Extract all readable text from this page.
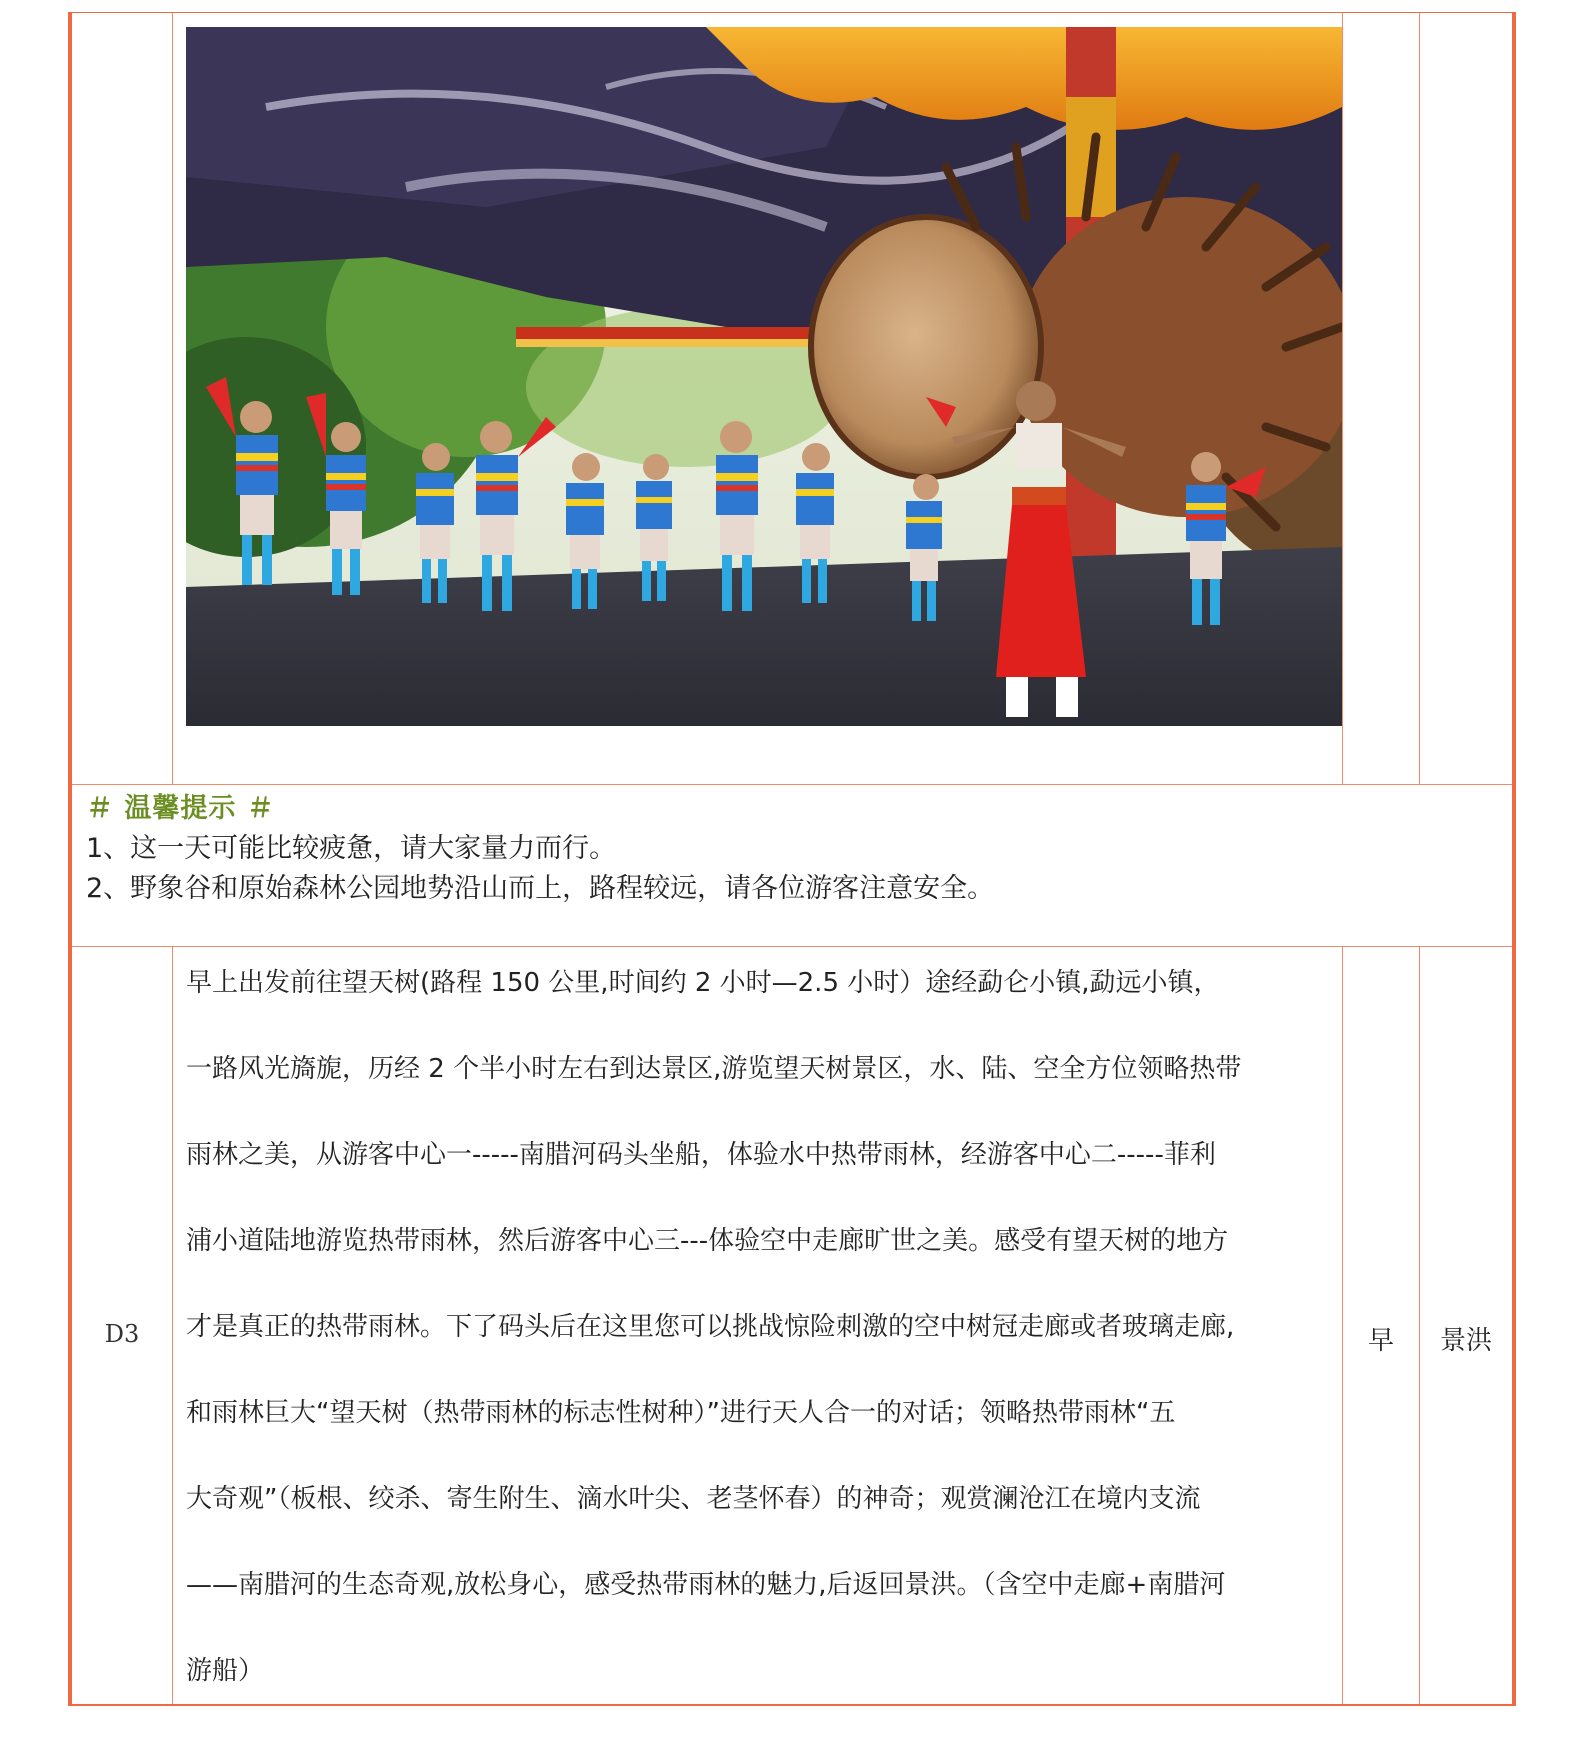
＃ 温馨提示 ＃
1、这一天可能比较疲惫，请大家量力而行。
2、野象谷和原始森林公园地势沿山而上，路程较远，请各位游客注意安全。
D3
早上出发前往望天树(路程 150 公里,时间约 2 小时—2.5 小时）途经勐仑小镇,勐远小镇，
一路风光旖旎，历经 2 个半小时左右到达景区,游览望天树景区，水、陆、空全方位领略热带
雨林之美，从游客中心一-----南腊河码头坐船，体验水中热带雨林，经游客中心二-----菲利
浦小道陆地游览热带雨林，然后游客中心三---体验空中走廊旷世之美。感受有望天树的地方
才是真正的热带雨林。下了码头后在这里您可以挑战惊险刺激的空中树冠走廊或者玻璃走廊,
和雨林巨大“望天树（热带雨林的标志性树种）”进行天人合一的对话；领略热带雨林“五
大奇观”（板根、绞杀、寄生附生、滴水叶尖、老茎怀春）的神奇；观赏澜沧江在境内支流
——南腊河的生态奇观,放松身心，感受热带雨林的魅力,后返回景洪。（含空中走廊+南腊河
游船）
早	景洪
